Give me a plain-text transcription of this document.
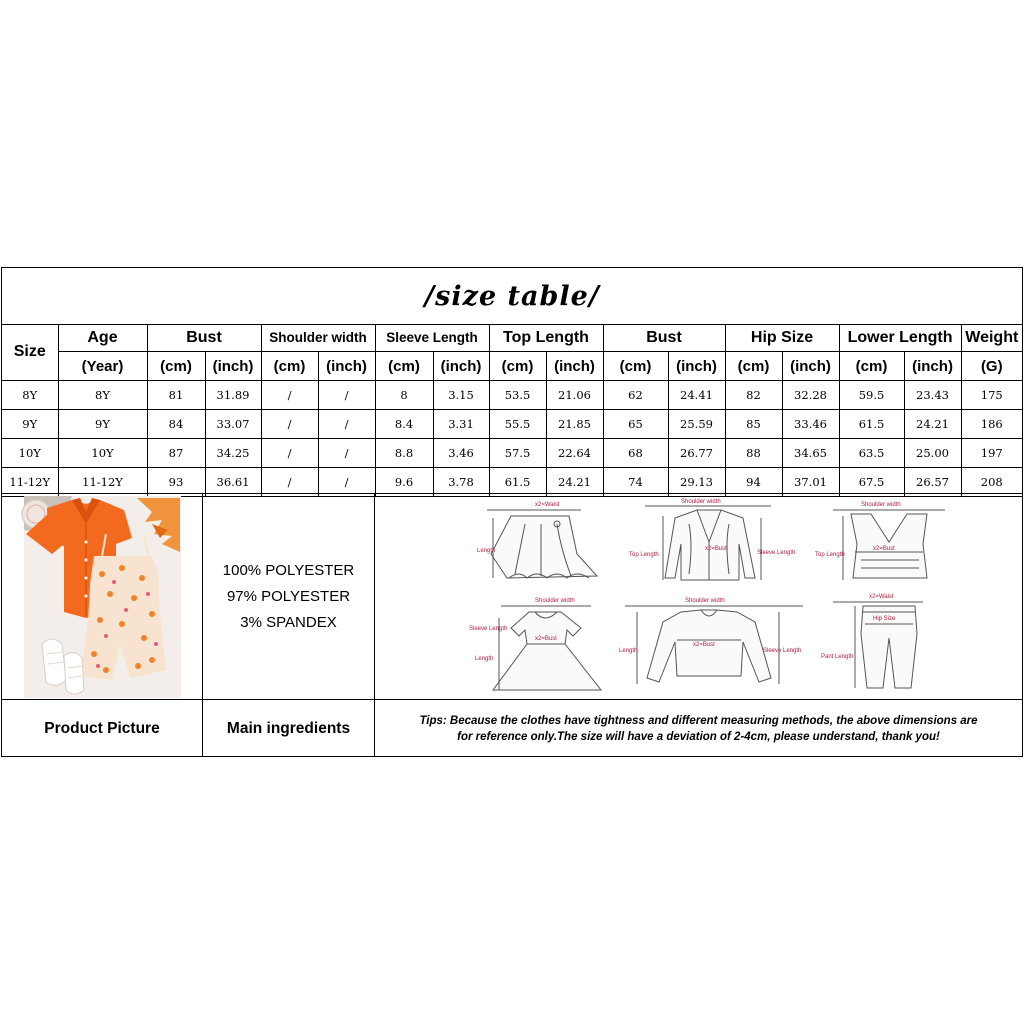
/size table/
Size	Age	Bust		Shoulder width		Sleeve Length		Top Length		Bust		Hip Size		Lower Length		Weight
	(Year)	(cm)	(inch)	(cm)	(inch)	(cm)	(inch)	(cm)	(inch)	(cm)	(inch)	(cm)	(inch)	(cm)	(inch)	(G)
8Y	8Y	81	31.89	/	/	8	3.15	53.5	21.06	62	24.41	82	32.28	59.5	23.43	175
9Y	9Y	84	33.07	/	/	8.4	3.31	55.5	21.85	65	25.59	85	33.46	61.5	24.21	186
10Y	10Y	87	34.25	/	/	8.8	3.46	57.5	22.64	68	26.77	88	34.65	63.5	25.00	197
11-12Y	11-12Y	93	36.61	/	/	9.6	3.78	61.5	24.21	74	29.13	94	37.01	67.5	26.57	208
100% POLYESTER
97% POLYESTER
3% SPANDEX
x2=Waist
Length
Shoulder width
Top Length	Sleeve Length
x2=Bust
Shoulder width
Top Length
x2=Bust
Shoulder width
Sleeve Length
x2=Bust
Length
Shoulder width
Length
x2=Bust
Sleeve Length
x2=Waist
Hip Size
Pant Length
Product Picture	Main ingredients	Tips: Because the clothes have tightness and different measuring methods, the above dimensions are
for reference only.The size will have a deviation of 2-4cm, please understand, thank you!
